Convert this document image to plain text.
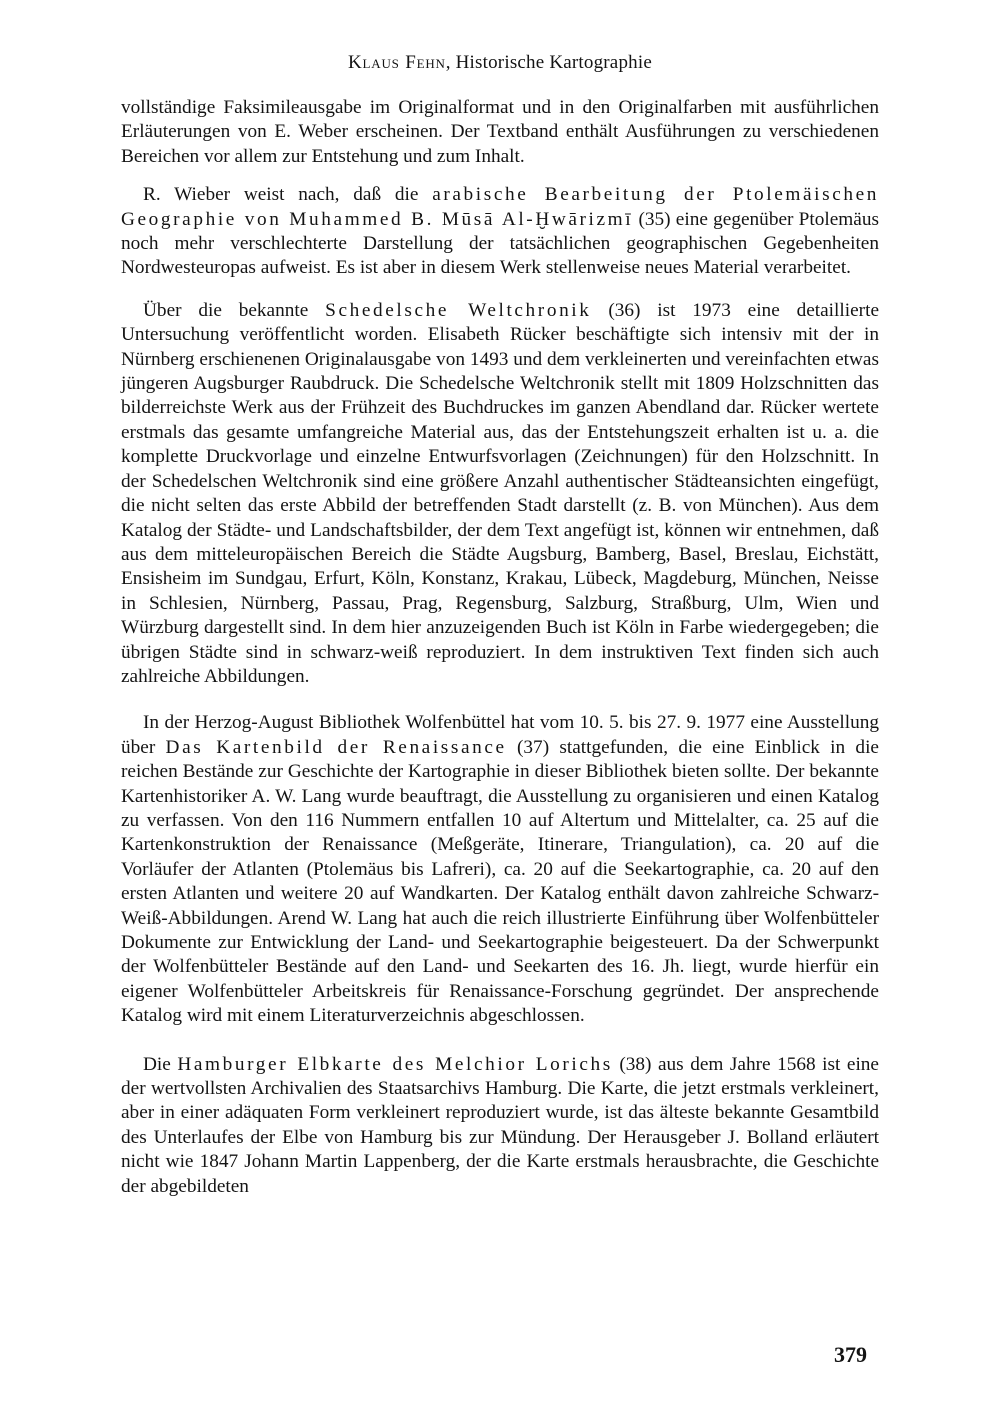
Klaus Fehn, Historische Kartographie

vollständige Faksimileausgabe im Originalformat und in den Originalfarben mit ausführlichen Erläuterungen von E. Weber erscheinen. Der Textband enthält Ausführungen zu verschiedenen Bereichen vor allem zur Entstehung und zum Inhalt.

R. Wieber weist nach, daß die arabische Bearbeitung der Ptolemäischen Geographie von Muhammed B. Mūsā Al-Ḫwārizmī (35) eine gegenüber Ptolemäus noch mehr verschlechterte Darstellung der tatsächlichen geographischen Gegebenheiten Nordwesteuropas aufweist. Es ist aber in diesem Werk stellenweise neues Material verarbeitet.

Über die bekannte Schedelsche Weltchronik (36) ist 1973 eine detaillierte Untersuchung veröffentlicht worden. Elisabeth Rücker beschäftigte sich intensiv mit der in Nürnberg erschienenen Originalausgabe von 1493 und dem verkleinerten und vereinfachten etwas jüngeren Augsburger Raubdruck. Die Schedelsche Weltchronik stellt mit 1809 Holzschnitten das bilderreichste Werk aus der Frühzeit des Buchdruckes im ganzen Abendland dar. Rücker wertete erstmals das gesamte umfangreiche Material aus, das der Entstehungszeit erhalten ist u. a. die komplette Druckvorlage und einzelne Entwurfsvorlagen (Zeichnungen) für den Holzschnitt. In der Schedelschen Weltchronik sind eine größere Anzahl authentischer Städteansichten eingefügt, die nicht selten das erste Abbild der betreffenden Stadt darstellt (z. B. von München). Aus dem Katalog der Städte- und Landschaftsbilder, der dem Text angefügt ist, können wir entnehmen, daß aus dem mitteleuropäischen Bereich die Städte Augsburg, Bamberg, Basel, Breslau, Eichstätt, Ensisheim im Sundgau, Erfurt, Köln, Konstanz, Krakau, Lübeck, Magdeburg, München, Neisse in Schlesien, Nürnberg, Passau, Prag, Regensburg, Salzburg, Straßburg, Ulm, Wien und Würzburg dargestellt sind. In dem hier anzuzeigenden Buch ist Köln in Farbe wiedergegeben; die übrigen Städte sind in schwarz-weiß reproduziert. In dem instruktiven Text finden sich auch zahlreiche Abbildungen.

In der Herzog-August Bibliothek Wolfenbüttel hat vom 10. 5. bis 27. 9. 1977 eine Ausstellung über Das Kartenbild der Renaissance (37) stattgefunden, die eine Einblick in die reichen Bestände zur Geschichte der Kartographie in dieser Bibliothek bieten sollte. Der bekannte Kartenhistoriker A. W. Lang wurde beauftragt, die Ausstellung zu organisieren und einen Katalog zu verfassen. Von den 116 Nummern entfallen 10 auf Altertum und Mittelalter, ca. 25 auf die Kartenkonstruktion der Renaissance (Meßgeräte, Itinerare, Triangulation), ca. 20 auf die Vorläufer der Atlanten (Ptolemäus bis Lafreri), ca. 20 auf die Seekartographie, ca. 20 auf den ersten Atlanten und weitere 20 auf Wandkarten. Der Katalog enthält davon zahlreiche Schwarz-Weiß-Abbildungen. Arend W. Lang hat auch die reich illustrierte Einführung über Wolfenbütteler Dokumente zur Entwicklung der Land- und Seekartographie beigesteuert. Da der Schwerpunkt der Wolfenbütteler Bestände auf den Land- und Seekarten des 16. Jh. liegt, wurde hierfür ein eigener Wolfenbütteler Arbeitskreis für Renaissance-Forschung gegründet. Der ansprechende Katalog wird mit einem Literaturverzeichnis abgeschlossen.

Die Hamburger Elbkarte des Melchior Lorichs (38) aus dem Jahre 1568 ist eine der wertvollsten Archivalien des Staatsarchivs Hamburg. Die Karte, die jetzt erstmals verkleinert, aber in einer adäquaten Form verkleinert reproduziert wurde, ist das älteste bekannte Gesamtbild des Unterlaufes der Elbe von Hamburg bis zur Mündung. Der Herausgeber J. Bolland erläutert nicht wie 1847 Johann Martin Lappenberg, der die Karte erstmals herausbrachte, die Geschichte der abgebildeten

379
